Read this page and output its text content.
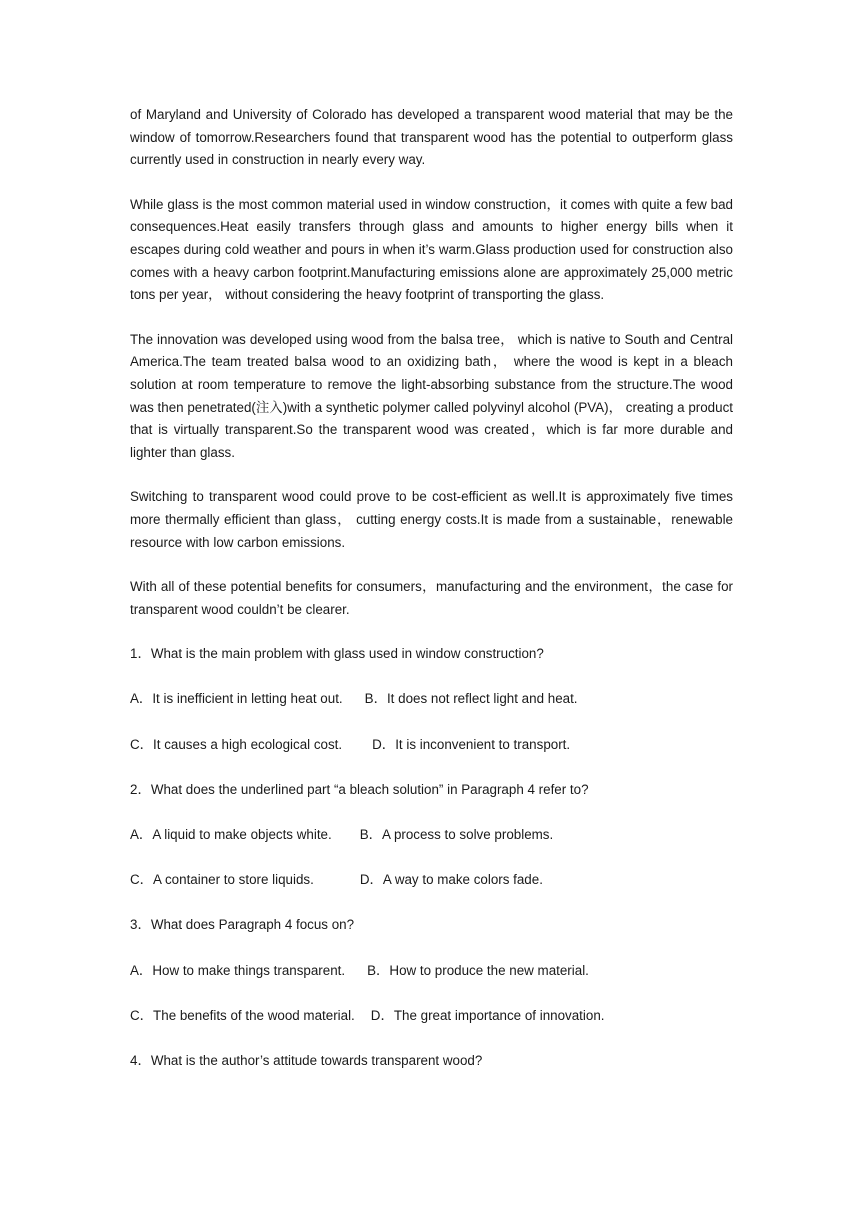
of Maryland and University of Colorado has developed a transparent wood material that may be the window of tomorrow.Researchers found that transparent wood has the potential to outperform glass currently used in construction in nearly every way.

While glass is the most common material used in window construction，it comes with quite a few bad consequences.Heat easily transfers through glass and amounts to higher energy bills when it escapes during cold weather and pours in when it’s warm.Glass production used for construction also comes with a heavy carbon footprint.Manufacturing emissions alone are approximately 25,000 metric tons per year， without considering the heavy footprint of transporting the glass.

The innovation was developed using wood from the balsa tree， which is native to South and Central America.The team treated balsa wood to an oxidizing bath， where the wood is kept in a bleach solution at room temperature to remove the light-absorbing substance from the structure.The wood was then penetrated(注入)with a synthetic polymer called polyvinyl alcohol (PVA)， creating a product that is virtually transparent.So the transparent wood was created，which is far more durable and lighter than glass.

Switching to transparent wood could prove to be cost-efficient as well.It is approximately five times more thermally efficient than glass， cutting energy costs.It is made from a sustainable，renewable resource with low carbon emissions.

With all of these potential benefits for consumers，manufacturing and the environment，the case for transparent wood couldn’t be clearer.

1．What is the main problem with glass used in window construction?
A．It is inefficient in letting heat out. B．It does not reflect light and heat.
C．It causes a high ecological cost. D．It is inconvenient to transport.
2．What does the underlined part “a bleach solution” in Paragraph 4 refer to?
A．A liquid to make objects white. B．A process to solve problems.
C．A container to store liquids.	D．A way to make colors fade.
3．What does Paragraph 4 focus on?
A．How to make things transparent. B．How to produce the new material.
C．The benefits of the wood material. D．The great importance of innovation.
4．What is the author’s attitude towards transparent wood?
